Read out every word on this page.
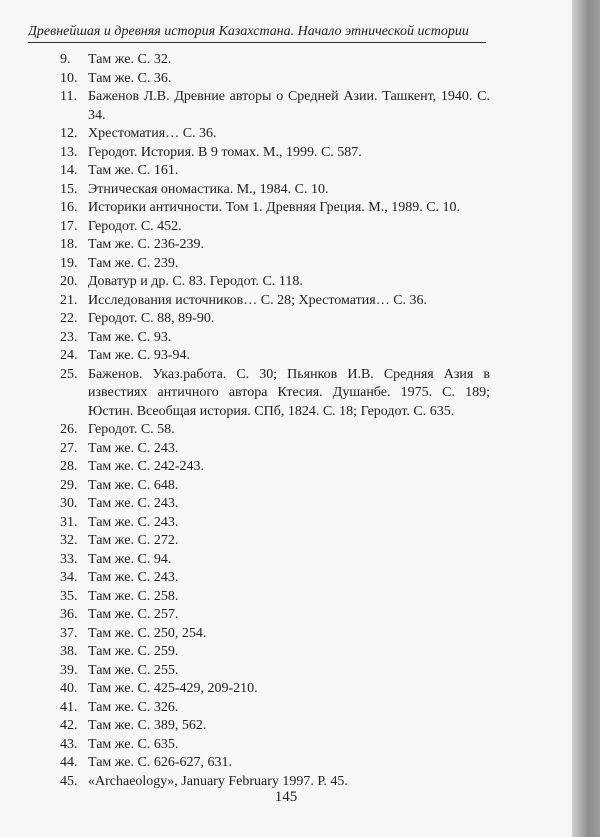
Древнейшая и древняя история Казахстана. Начало этнической истории
9.	Там же. С. 32.
10. Там же. С. 36.
11. Баженов Л.В. Древние авторы о Средней Азии. Ташкент, 1940. С. 34.
12. Хрестоматия… С. 36.
13. Геродот. История. В 9 томах. М., 1999. С. 587.
14. Там же. С. 161.
15. Этническая ономастика. М., 1984. С. 10.
16. Историки античности. Том 1. Древняя Греция. М., 1989. С. 10.
17. Геродот. С. 452.
18. Там же. С. 236-239.
19. Там же. С. 239.
20. Доватур и др. С. 83. Геродот. С. 118.
21. Исследования источников… С. 28; Хрестоматия… С. 36.
22. Геродот. С. 88, 89-90.
23. Там же. С. 93.
24. Там же. С. 93-94.
25. Баженов. Указ.работа. С. 30; Пьянков И.В. Средняя Азия в известиях античного автора Ктесия. Душанбе. 1975. С. 189; Юстин. Всеобщая история. СПб, 1824. С. 18; Геродот. С. 635.
26. Геродот. С. 58.
27. Там же. С. 243.
28. Там же. С. 242-243.
29. Там же. С. 648.
30. Там же. С. 243.
31. Там же. С. 243.
32. Там же. С. 272.
33. Там же. С. 94.
34. Там же. С. 243.
35. Там же. С. 258.
36. Там же. С. 257.
37. Там же. С. 250, 254.
38. Там же. С. 259.
39. Там же. С. 255.
40. Там же. С. 425-429, 209-210.
41. Там же. С. 326.
42. Там же. С. 389, 562.
43. Там же. С. 635.
44. Там же. С. 626-627, 631.
45. «Archaeology», January February 1997. Р. 45.
145
